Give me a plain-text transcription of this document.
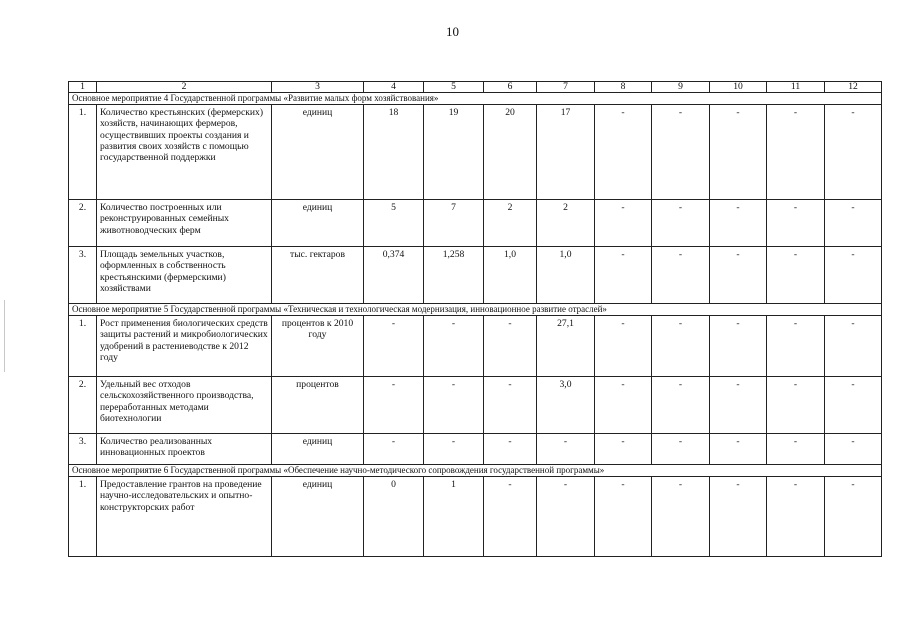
10
1	2	3	4	5	6	7	8	9	10	11	12
Основное мероприятие 4 Государственной программы «Развитие малых форм хозяйствования»											
1.	Количество крестьянских (фермерских) хозяйств, начинающих фермеров, осуществивших проекты создания и развития своих хозяйств с помощью государственной поддержки	единиц	18	19	20	17	-	-	-	-	-
2.	Количество построенных или реконструированных семейных животноводческих ферм	единиц	5	7	2	2	-	-	-	-	-
3.	Площадь земельных участков, оформленных в собственность крестьянскими (фермерскими) хозяйствами	тыс. гектаров	0,374	1,258	1,0	1,0	-	-	-	-	-
Основное мероприятие 5 Государственной программы «Техническая и технологическая модернизация, инновационное развитие отраслей»											
1.	Рост применения биологических средств защиты растений и микробиологических удобрений в растениеводстве к 2012 году	процентов к 2010 году	-	-	-	27,1	-	-	-	-	-
2.	Удельный вес отходов сельскохозяйственного производства, переработанных методами биотехнологии	процентов	-	-	-	3,0	-	-	-	-	-
3.	Количество реализованных инновационных проектов	единиц	-	-	-	-	-	-	-	-	-
Основное мероприятие 6 Государственной программы «Обеспечение научно-методического сопровождения государственной программы»											
1.	Предоставление грантов на проведение научно-исследовательских и опытно-конструкторских работ	единиц	0	1	-	-	-	-	-	-	-
